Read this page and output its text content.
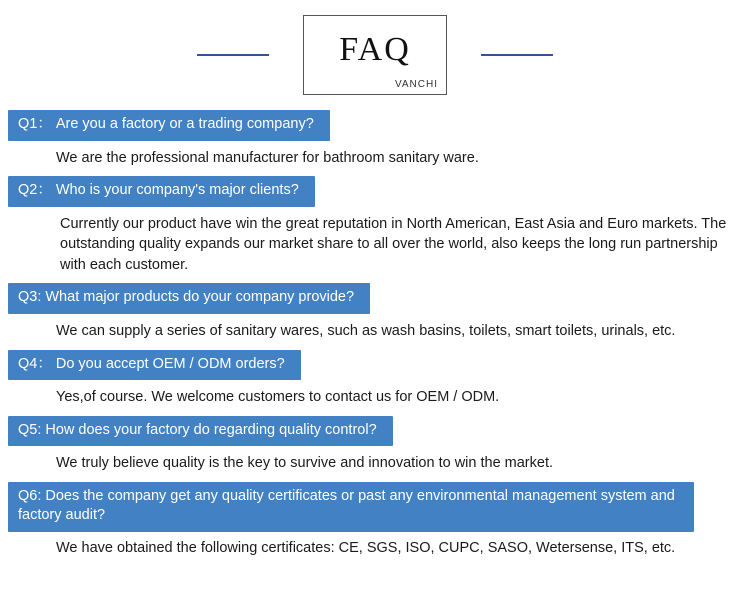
FAQ
VANCHI
Q1： Are you a factory or a trading company?
We are the professional manufacturer for bathroom sanitary ware.
Q2： Who is your company's major clients?
Currently our product have win the great reputation in North American, East Asia and Euro markets. The outstanding quality expands our market share to all over the world, also keeps the long run partnership with each customer.
Q3: What major products do your company provide?
We can supply a series of sanitary wares, such as wash basins, toilets, smart toilets, urinals, etc.
Q4： Do you accept OEM / ODM orders?
Yes,of course. We welcome customers to contact us for OEM / ODM.
Q5: How does your factory do regarding quality control?
We truly believe quality is the key to survive and innovation to win the market.
Q6: Does the company get any quality certificates or past any environmental management system and factory audit?
We have obtained the following certificates: CE, SGS, ISO, CUPC, SASO, Wetersense, ITS, etc.
